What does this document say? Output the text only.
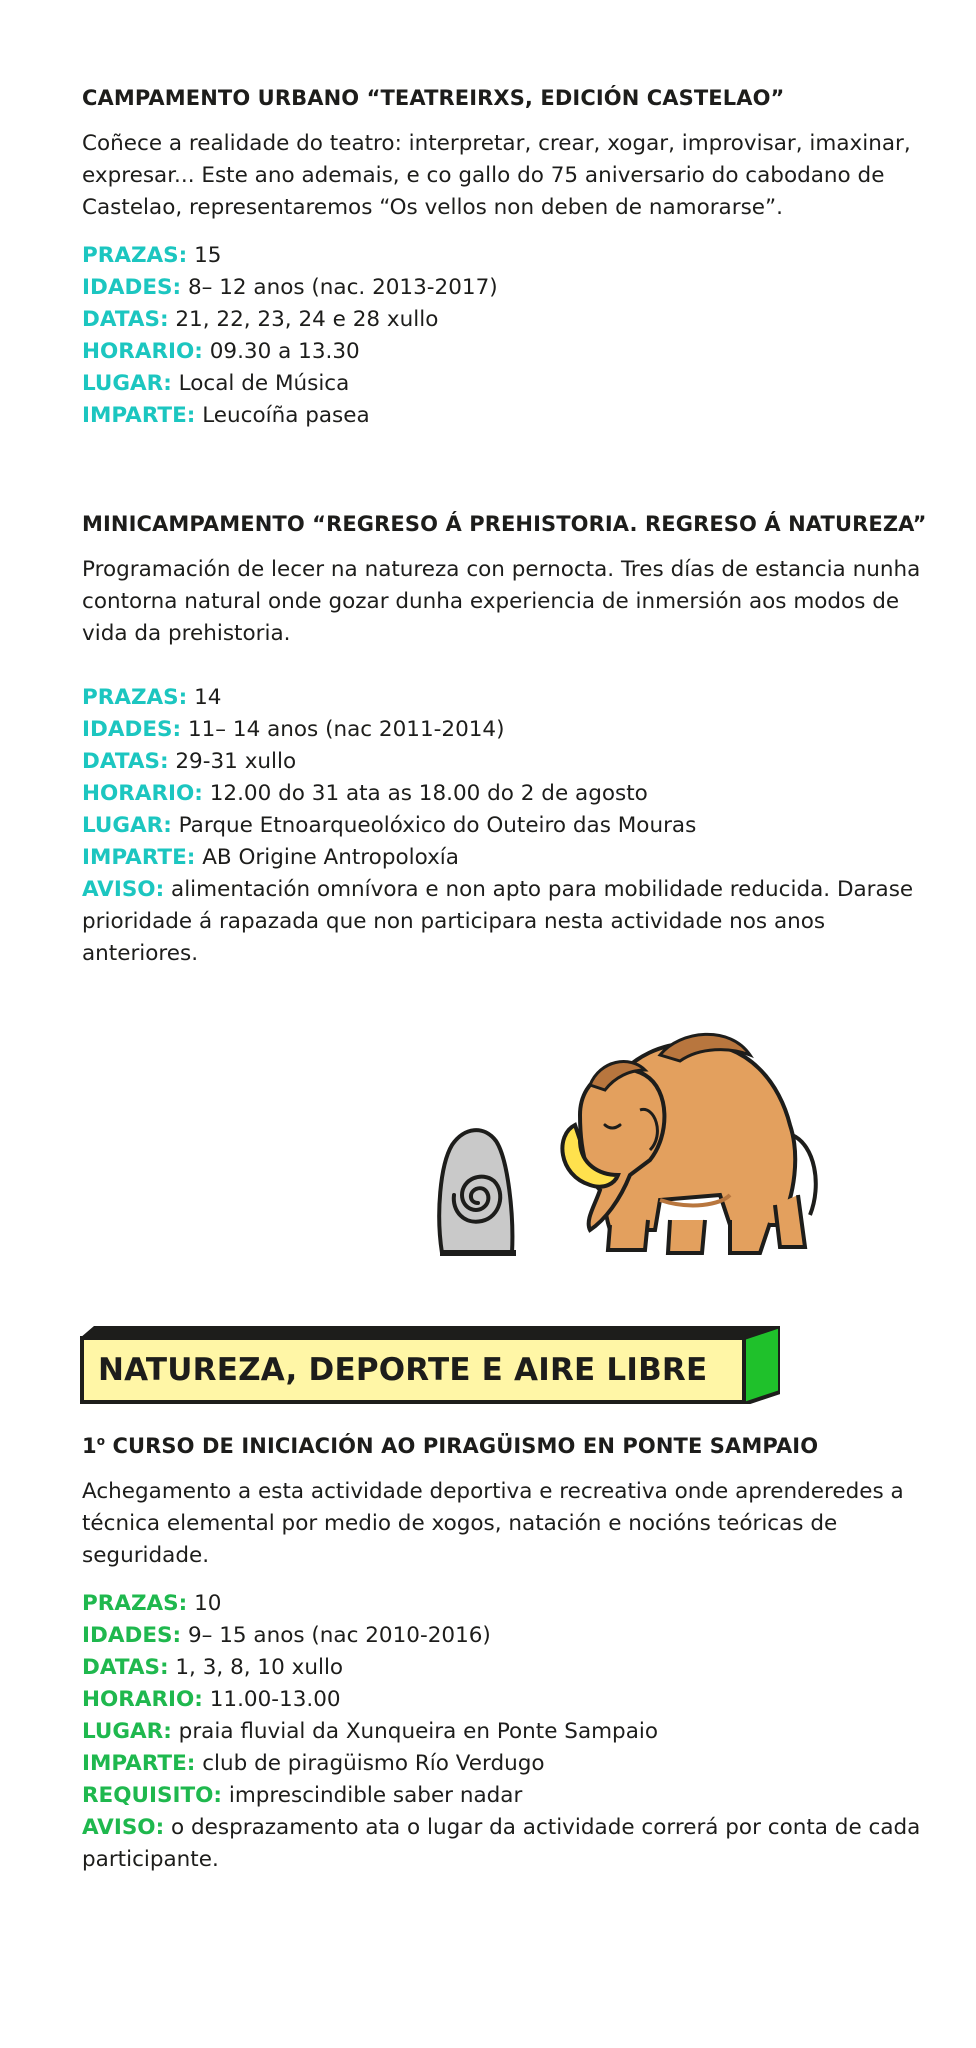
CAMPAMENTO URBANO “TEATREIRXS, EDICIÓN CASTELAO”

Coñece a realidade do teatro: interpretar, crear, xogar, improvisar, imaxinar, expresar... Este ano ademais, e co gallo do 75 aniversario do cabodano de Castelao, representaremos “Os vellos non deben de namorarse”.

PRAZAS: 15

IDADES: 8– 12 anos (nac. 2013-2017)

DATAS: 21, 22, 23, 24 e 28 xullo

HORARIO: 09.30 a 13.30

LUGAR: Local de Música

IMPARTE: Leucoíña pasea

MINICAMPAMENTO “REGRESO Á PREHISTORIA. REGRESO Á NATUREZA”

Programación de lecer na natureza con pernocta. Tres días de estancia nunha contorna natural onde gozar dunha experiencia de inmersión aos modos de vida da prehistoria.

PRAZAS: 14

IDADES: 11– 14 anos (nac 2011-2014)

DATAS: 29-31 xullo

HORARIO: 12.00 do 31 ata as 18.00 do 2 de agosto

LUGAR: Parque Etnoarqueolóxico do Outeiro das Mouras

IMPARTE: AB Origine Antropoloxía

AVISO: alimentación omnívora e non apto para mobilidade reducida. Darase prioridade á rapazada que non participara nesta actividade nos anos anteriores.

NATUREZA, DEPORTE E AIRE LIBRE
1$^o$ CURSO DE INICIACIÓN AO PIRAGÜISMO EN PONTE SAMPAIO

Achegamento a esta actividade deportiva e recreativa onde aprenderedes a técnica elemental por medio de xogos, natación e nocións teóricas de seguridade.

PRAZAS: 10

IDADES: 9– 15 anos (nac 2010-2016)

DATAS: 1, 3, 8, 10 xullo

HORARIO: 11.00-13.00

LUGAR: praia fluvial da Xunqueira en Ponte Sampaio

IMPARTE: club de piragüismo Río Verdugo

REQUISITO: imprescindible saber nadar

AVISO: o desprazamento ata o lugar da actividade correrá por conta de cada participante.
